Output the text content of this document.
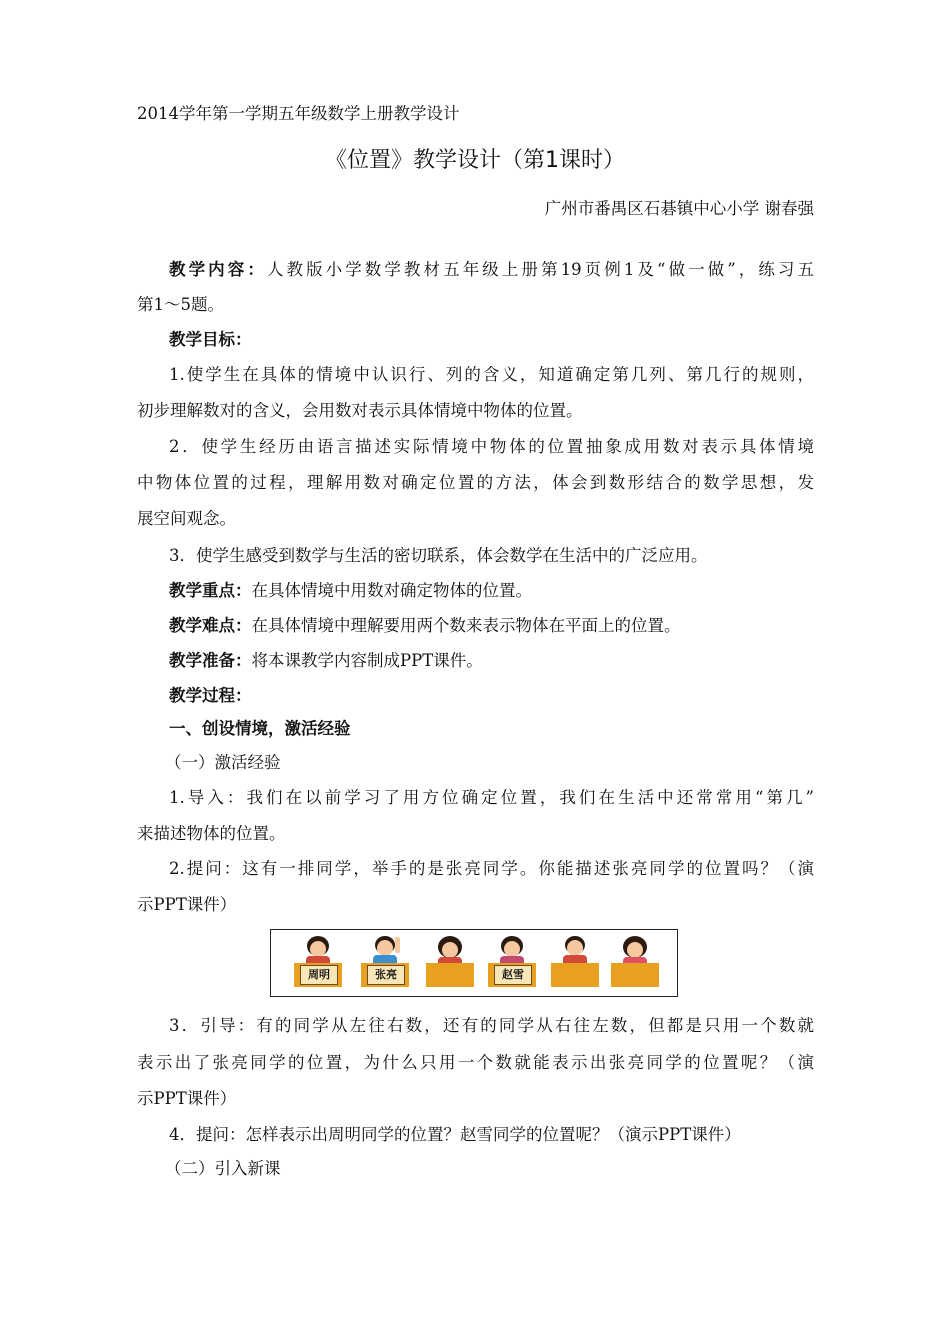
2014学年第一学期五年级数学上册教学设计
《位置》教学设计（第1课时）
广州市番禺区石碁镇中心小学 谢春强
教学内容：人教版小学数学教材五年级上册第19页例1及“做一做”，练习五
第1～5题。
教学目标：
1.使学生在具体的情境中认识行、列的含义，知道确定第几列、第几行的规则，
初步理解数对的含义，会用数对表示具体情境中物体的位置。
2．使学生经历由语言描述实际情境中物体的位置抽象成用数对表示具体情境
中物体位置的过程，理解用数对确定位置的方法，体会到数形结合的数学思想，发
展空间观念。
3．使学生感受到数学与生活的密切联系，体会数学在生活中的广泛应用。
教学重点：在具体情境中用数对确定物体的位置。
教学难点：在具体情境中理解要用两个数来表示物体在平面上的位置。
教学准备：将本课教学内容制成PPT课件。
教学过程：
一、创设情境，激活经验
（一）激活经验
1.导入：我们在以前学习了用方位确定位置，我们在生活中还常常用“第几”
来描述物体的位置。
2.提问：这有一排同学，举手的是张亮同学。你能描述张亮同学的位置吗？（演
示PPT课件）
周明	张亮	赵雪
3．引导：有的同学从左往右数，还有的同学从右往左数，但都是只用一个数就
表示出了张亮同学的位置，为什么只用一个数就能表示出张亮同学的位置呢？（演
示PPT课件）
4．提问：怎样表示出周明同学的位置？赵雪同学的位置呢？（演示PPT课件）
（二）引入新课
